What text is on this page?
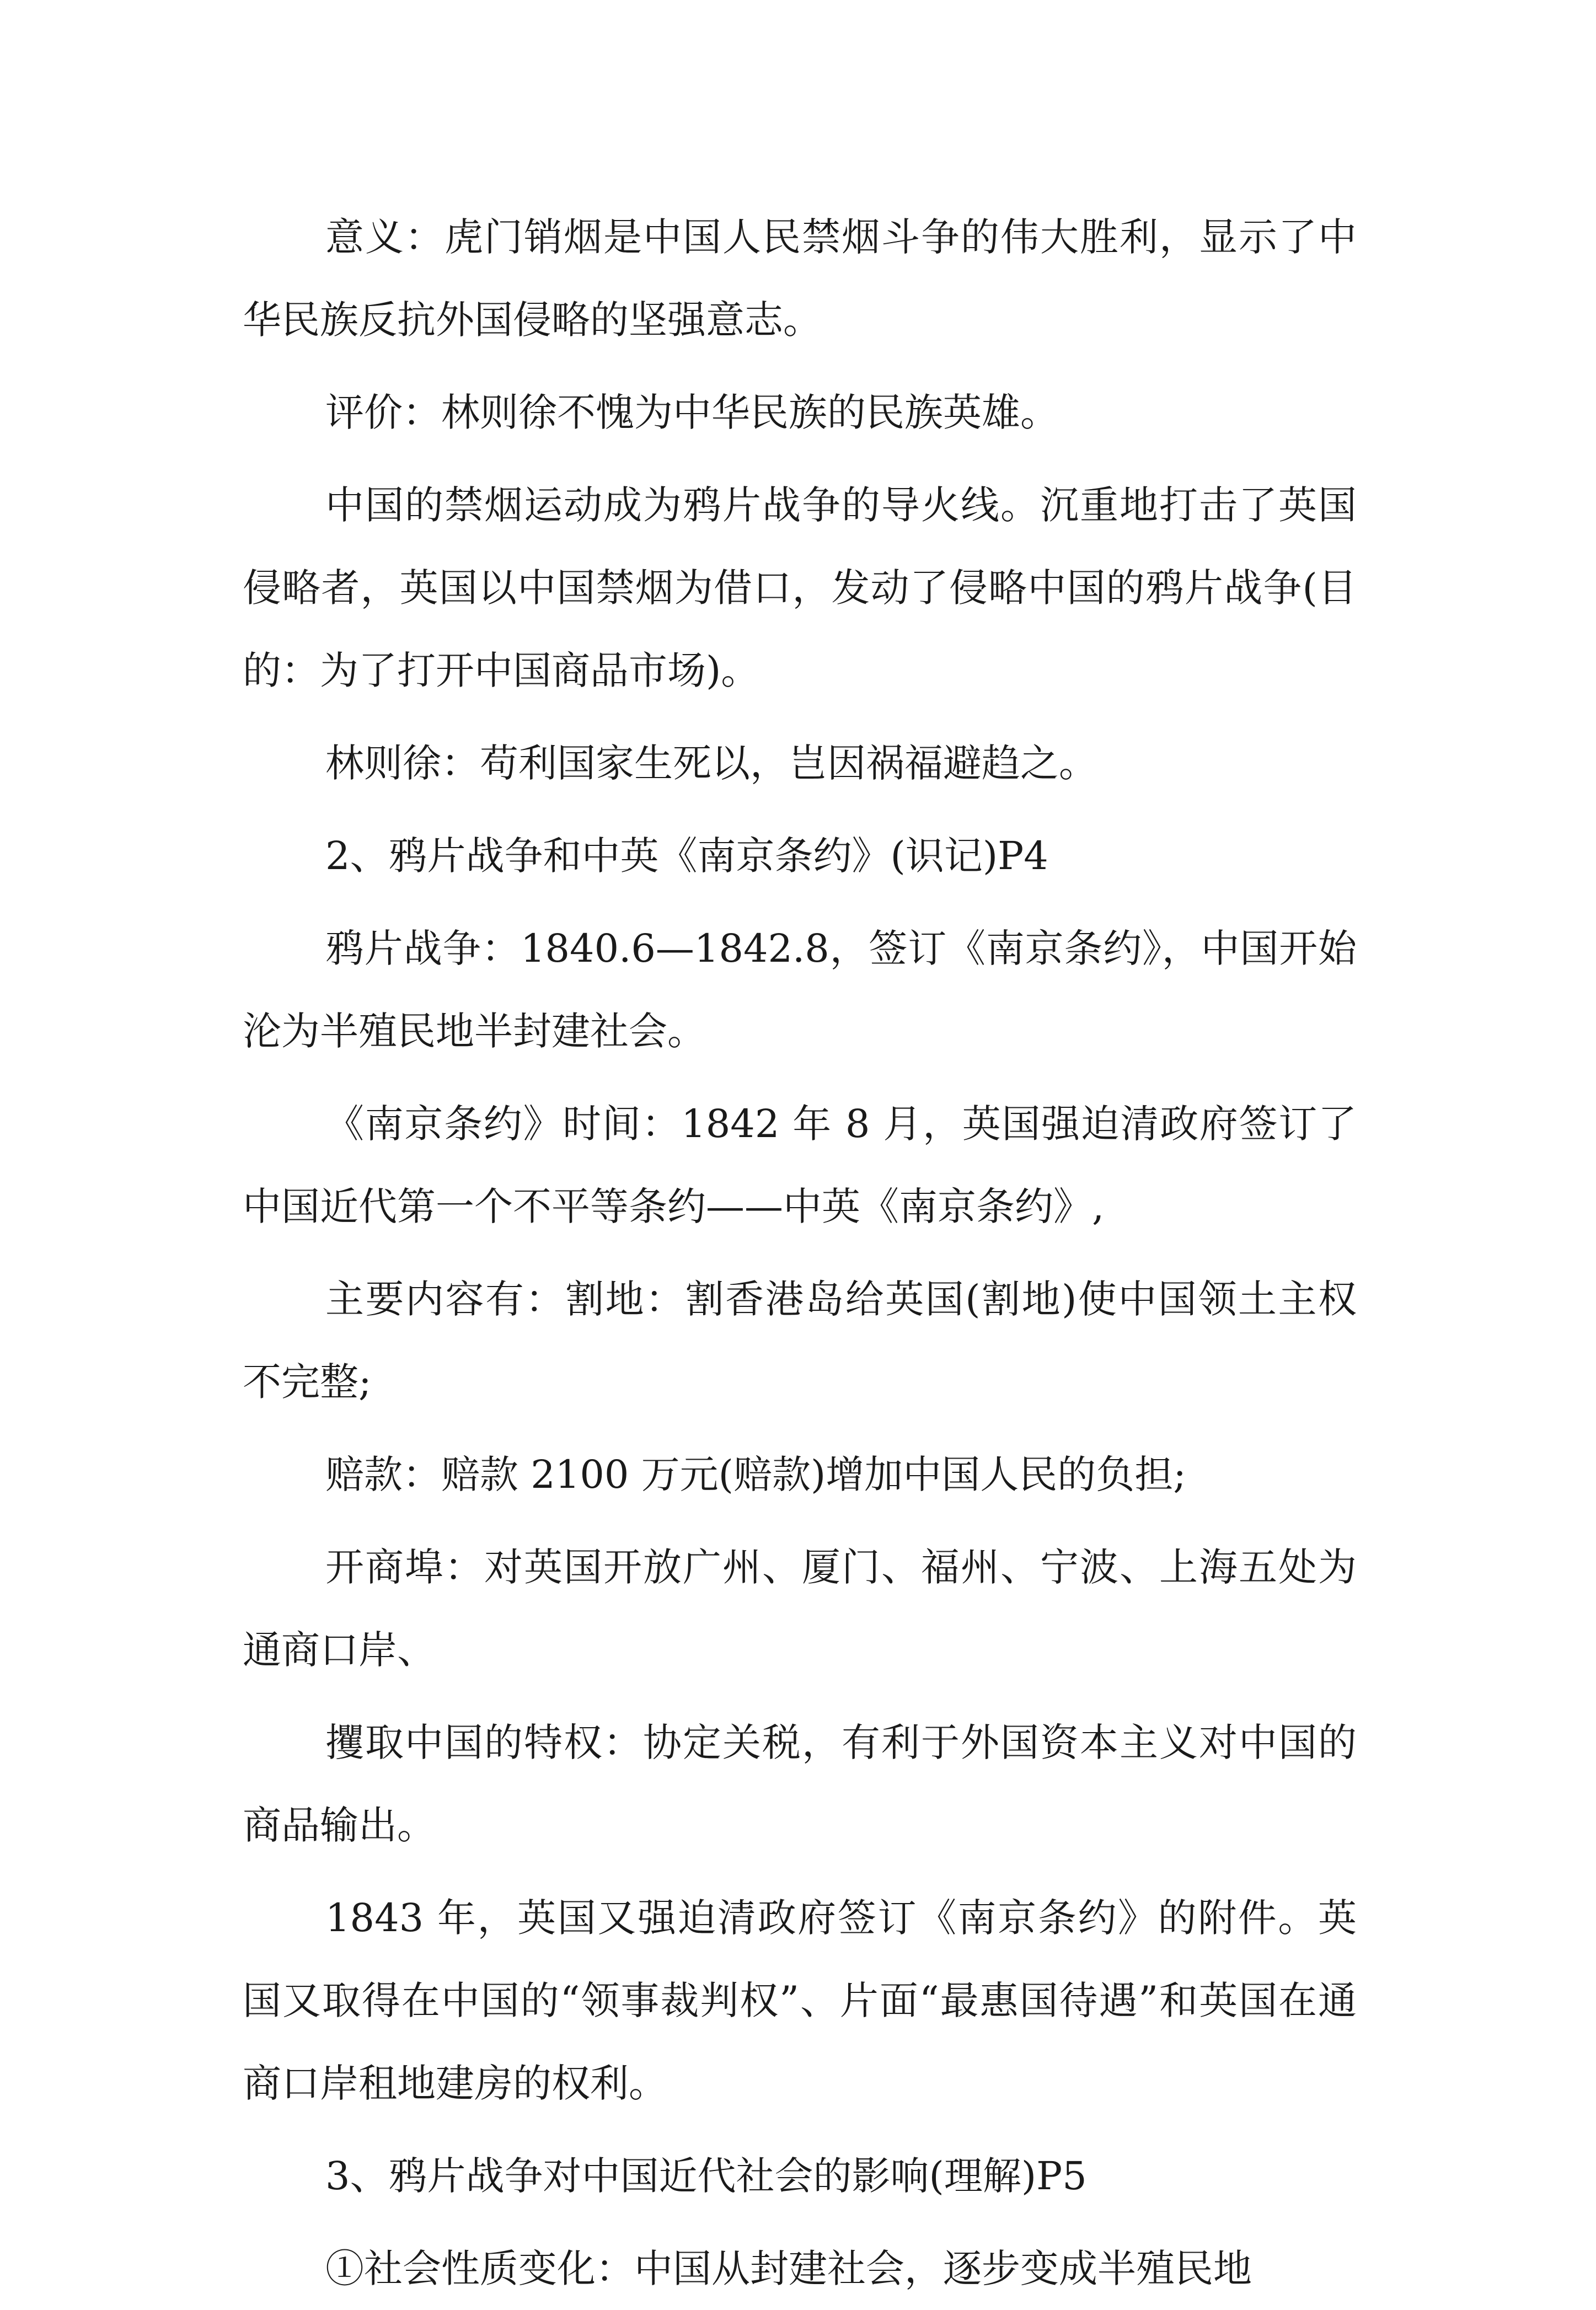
意义：虎门销烟是中国人民禁烟斗争的伟大胜利，显示了中华民族反抗外国侵略的坚强意志。

评价：林则徐不愧为中华民族的民族英雄。

中国的禁烟运动成为鸦片战争的导火线。沉重地打击了英国侵略者，英国以中国禁烟为借口，发动了侵略中国的鸦片战争(目的：为了打开中国商品市场)。

林则徐：苟利国家生死以，岂因祸福避趋之。

2、鸦片战争和中英《南京条约》(识记)P4

鸦片战争：1840.6—1842.8，签订《南京条约》，中国开始沦为半殖民地半封建社会。

《南京条约》时间：1842 年 8 月，英国强迫清政府签订了中国近代第一个不平等条约——中英《南京条约》,

主要内容有：割地：割香港岛给英国(割地)使中国领土主权不完整;

赔款：赔款 2100 万元(赔款)增加中国人民的负担;

开商埠：对英国开放广州、厦门、福州、宁波、上海五处为通商口岸、

攫取中国的特权：协定关税，有利于外国资本主义对中国的商品输出。

1843 年，英国又强迫清政府签订《南京条约》的附件。英国又取得在中国的“领事裁判权”、片面“最惠国待遇”和英国在通商口岸租地建房的权利。

3、鸦片战争对中国近代社会的影响(理解)P5

①社会性质变化：中国从封建社会，逐步变成半殖民地
